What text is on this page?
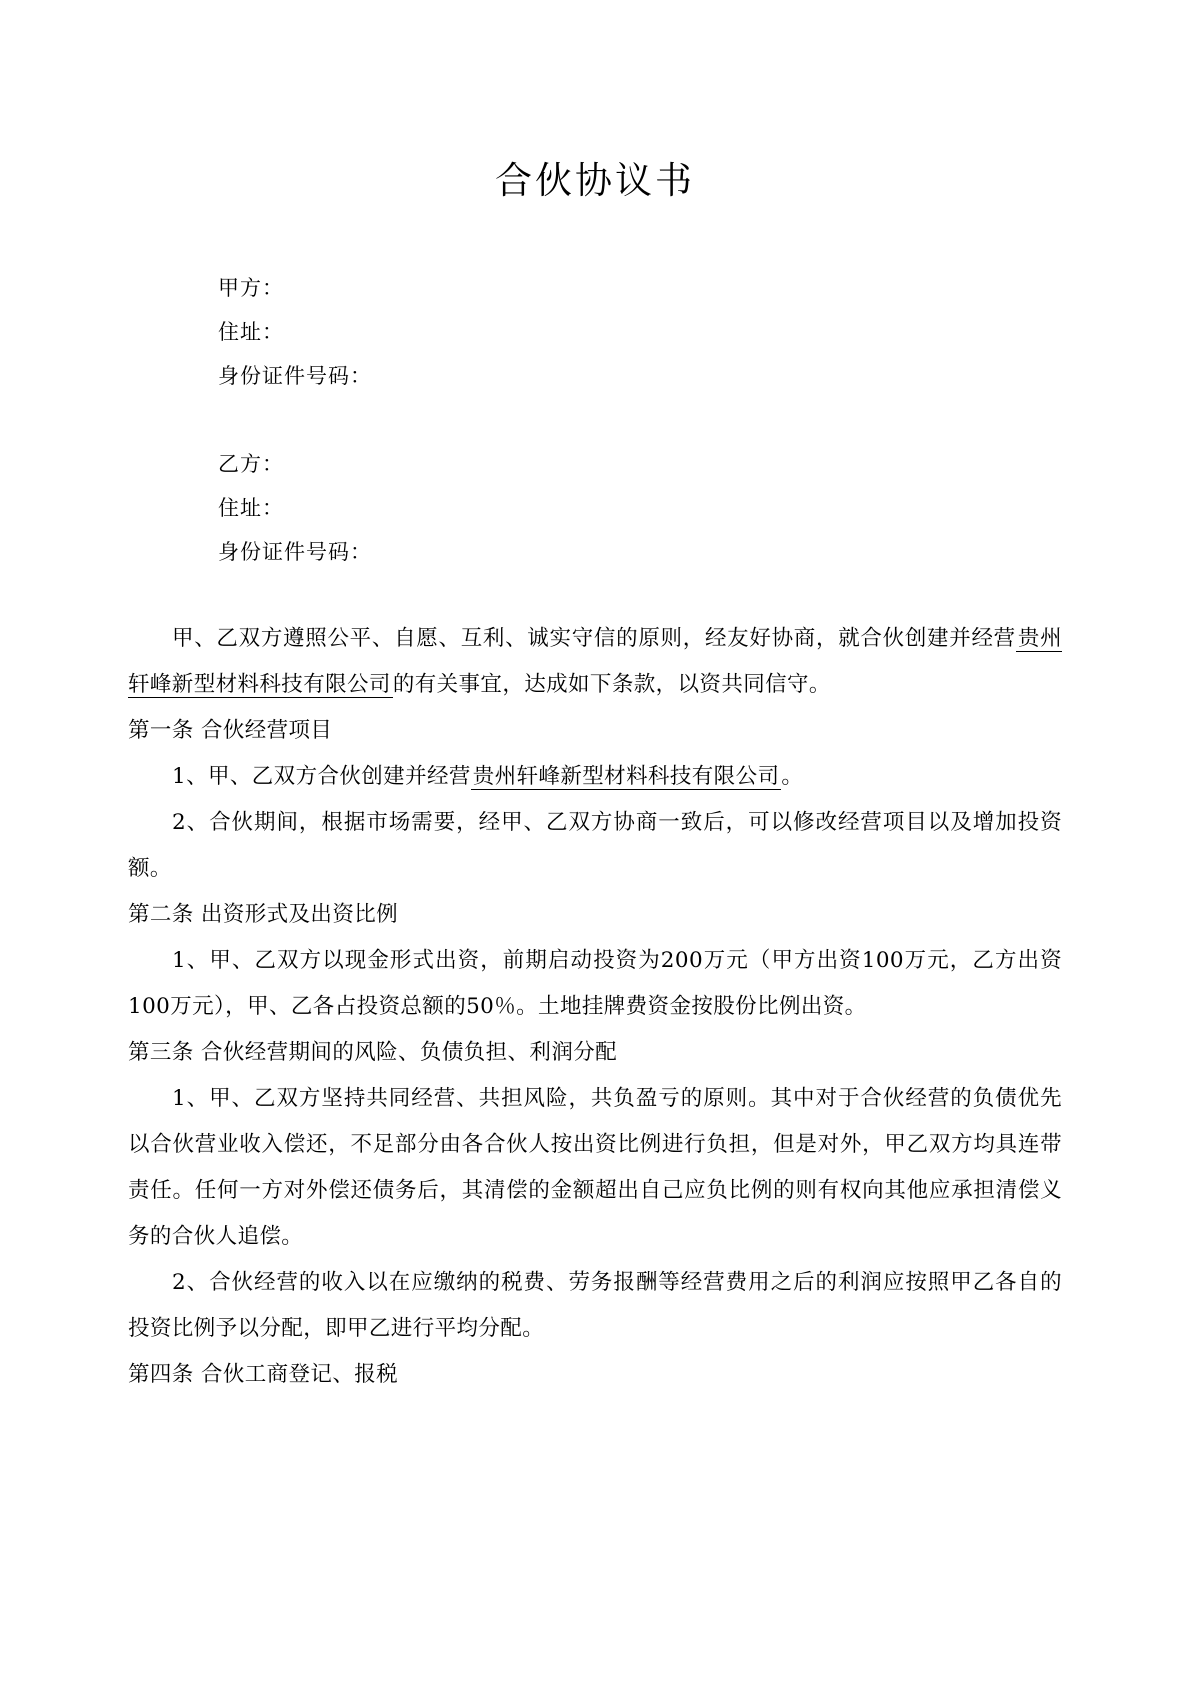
合伙协议书
甲方：
住址：
身份证件号码：
乙方：
住址：
身份证件号码：

甲、乙双方遵照公平、自愿、互利、诚实守信的原则，经友好协商，就合伙创建并经营贵州轩峰新型材料科技有限公司的有关事宜，达成如下条款，以资共同信守。

第一条 合伙经营项目

1、甲、乙双方合伙创建并经营贵州轩峰新型材料科技有限公司。

2、合伙期间，根据市场需要，经甲、乙双方协商一致后，可以修改经营项目以及增加投资额。

第二条 出资形式及出资比例

1、甲、乙双方以现金形式出资，前期启动投资为200万元（甲方出资100万元，乙方出资100万元），甲、乙各占投资总额的50％。土地挂牌费资金按股份比例出资。

第三条 合伙经营期间的风险、负债负担、利润分配

1、甲、乙双方坚持共同经营、共担风险，共负盈亏的原则。其中对于合伙经营的负债优先以合伙营业收入偿还，不足部分由各合伙人按出资比例进行负担，但是对外，甲乙双方均具连带责任。任何一方对外偿还债务后，其清偿的金额超出自己应负比例的则有权向其他应承担清偿义务的合伙人追偿。

2、合伙经营的收入以在应缴纳的税费、劳务报酬等经营费用之后的利润应按照甲乙各自的投资比例予以分配，即甲乙进行平均分配。

第四条 合伙工商登记、报税
